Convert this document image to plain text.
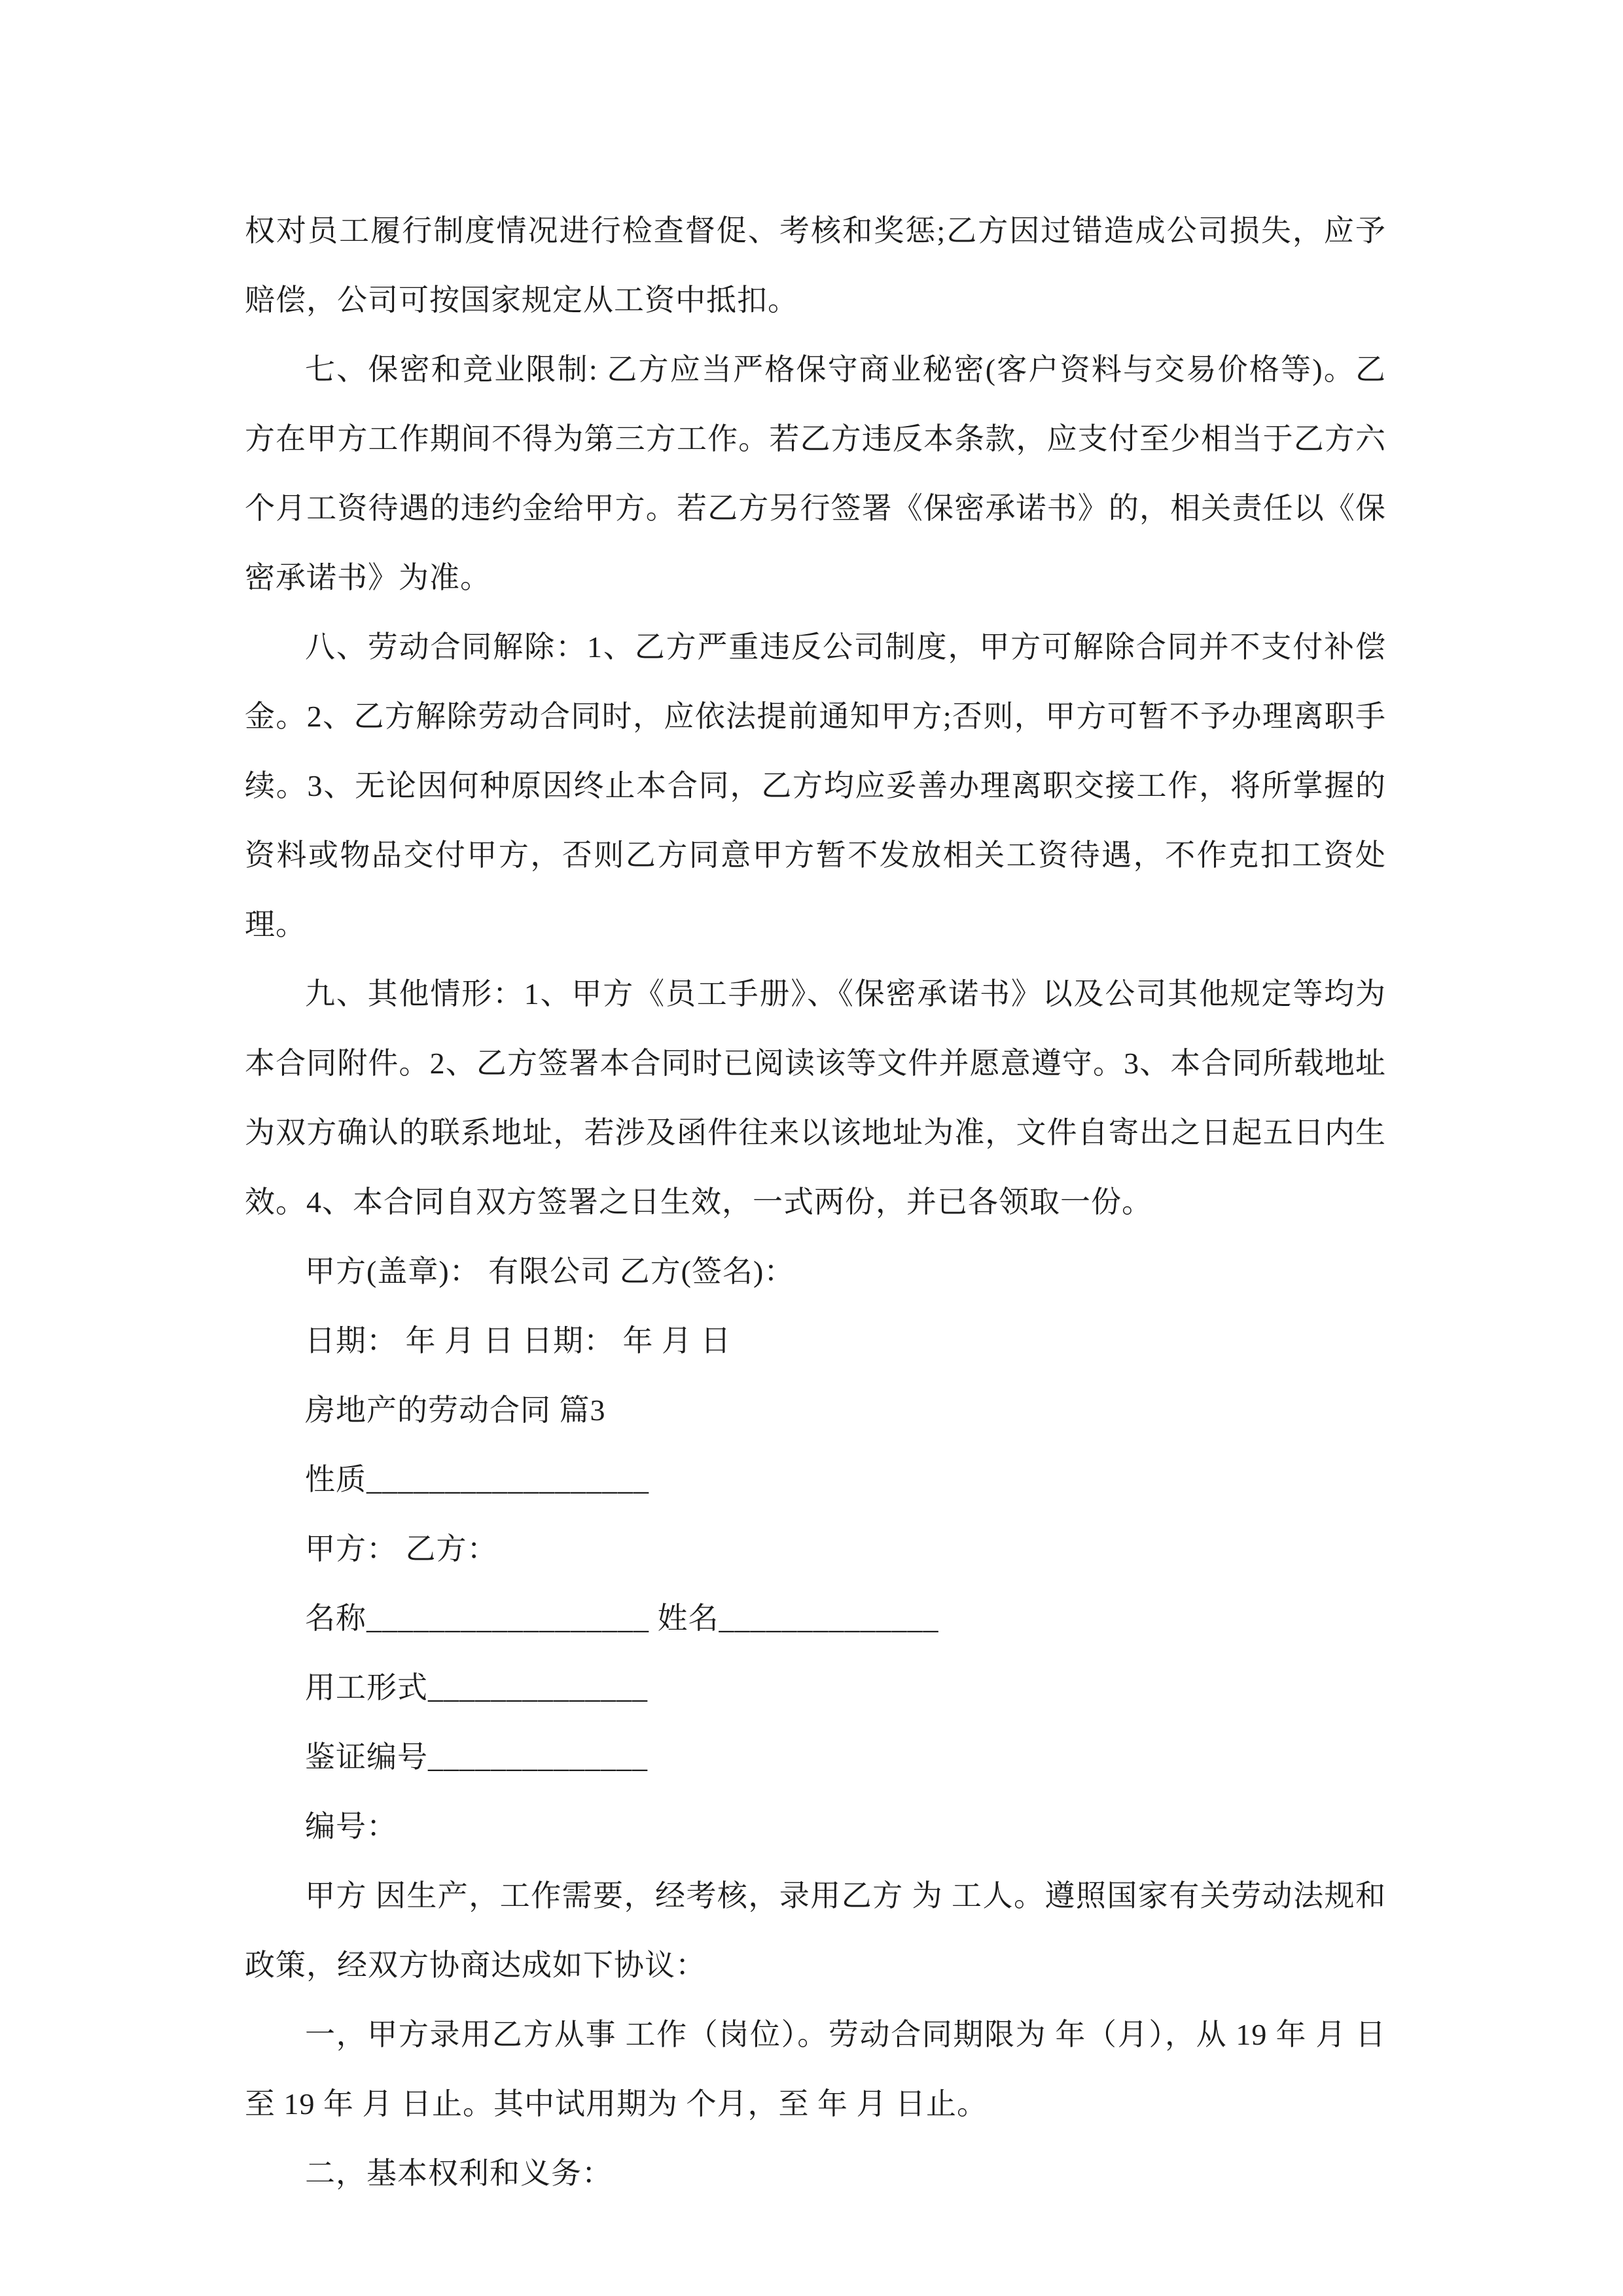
权对员工履行制度情况进行检查督促、考核和奖惩;乙方因过错造成公司损失，应予赔偿，公司可按国家规定从工资中抵扣。

七、保密和竞业限制: 乙方应当严格保守商业秘密(客户资料与交易价格等)。乙方在甲方工作期间不得为第三方工作。若乙方违反本条款，应支付至少相当于乙方六个月工资待遇的违约金给甲方。若乙方另行签署《保密承诺书》的，相关责任以《保密承诺书》为准。

八、劳动合同解除：1、乙方严重违反公司制度，甲方可解除合同并不支付补偿金。2、乙方解除劳动合同时，应依法提前通知甲方;否则，甲方可暂不予办理离职手续。3、无论因何种原因终止本合同，乙方均应妥善办理离职交接工作，将所掌握的资料或物品交付甲方，否则乙方同意甲方暂不发放相关工资待遇，不作克扣工资处理。

九、其他情形：1、甲方《员工手册》、《保密承诺书》以及公司其他规定等均为本合同附件。2、乙方签署本合同时已阅读该等文件并愿意遵守。3、本合同所载地址为双方确认的联系地址，若涉及函件往来以该地址为准，文件自寄出之日起五日内生效。4、本合同自双方签署之日生效，一式两份，并已各领取一份。

甲方(盖章)： 有限公司 乙方(签名)：

日期： 年 月 日 日期： 年 月 日

房地产的劳动合同 篇3

性质__________________

甲方： 乙方：

名称__________________ 姓名______________

用工形式______________

鉴证编号______________

编号：

甲方 因生产，工作需要，经考核，录用乙方 为 工人。遵照国家有关劳动法规和政策，经双方协商达成如下协议：

一，甲方录用乙方从事 工作（岗位）。劳动合同期限为 年（月），从 19 年 月 日至 19 年 月 日止。其中试用期为 个月，至 年 月 日止。

二，基本权利和义务：
